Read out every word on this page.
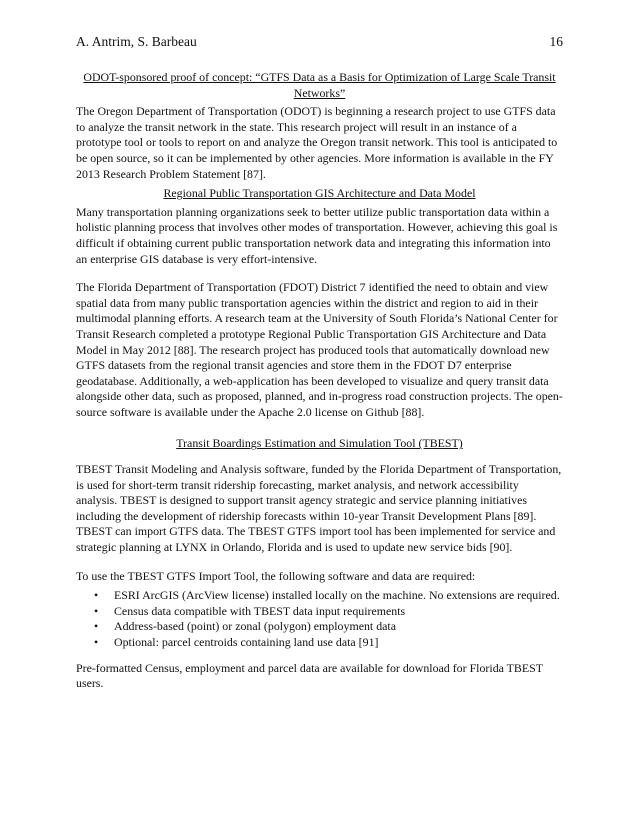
A. Antrim, S. Barbeau	16
ODOT-sponsored proof of concept: “GTFS Data as a Basis for Optimization of Large Scale Transit Networks”

The Oregon Department of Transportation (ODOT) is beginning a research project to use GTFS data to analyze the transit network in the state. This research project will result in an instance of a prototype tool or tools to report on and analyze the Oregon transit network. This tool is anticipated to be open source, so it can be implemented by other agencies. More information is available in the FY 2013 Research Problem Statement [87].

Regional Public Transportation GIS Architecture and Data Model

Many transportation planning organizations seek to better utilize public transportation data within a holistic planning process that involves other modes of transportation. However, achieving this goal is difficult if obtaining current public transportation network data and integrating this information into an enterprise GIS database is very effort-intensive.

The Florida Department of Transportation (FDOT) District 7 identified the need to obtain and view spatial data from many public transportation agencies within the district and region to aid in their multimodal planning efforts. A research team at the University of South Florida’s National Center for Transit Research completed a prototype Regional Public Transportation GIS Architecture and Data Model in May 2012 [88]. The research project has produced tools that automatically download new GTFS datasets from the regional transit agencies and store them in the FDOT D7 enterprise geodatabase. Additionally, a web-application has been developed to visualize and query transit data alongside other data, such as proposed, planned, and in-progress road construction projects. The open-source software is available under the Apache 2.0 license on Github [88].

Transit Boardings Estimation and Simulation Tool (TBEST)

TBEST Transit Modeling and Analysis software, funded by the Florida Department of Transportation, is used for short-term transit ridership forecasting, market analysis, and network accessibility analysis. TBEST is designed to support transit agency strategic and service planning initiatives including the development of ridership forecasts within 10-year Transit Development Plans [89]. TBEST can import GTFS data. The TBEST GTFS import tool has been implemented for service and strategic planning at LYNX in Orlando, Florida and is used to update new service bids [90].

To use the TBEST GTFS Import Tool, the following software and data are required:

• ESRI ArcGIS (ArcView license) installed locally on the machine. No extensions are required.
• Census data compatible with TBEST data input requirements
• Address-based (point) or zonal (polygon) employment data
• Optional: parcel centroids containing land use data [91]

Pre-formatted Census, employment and parcel data are available for download for Florida TBEST users.
